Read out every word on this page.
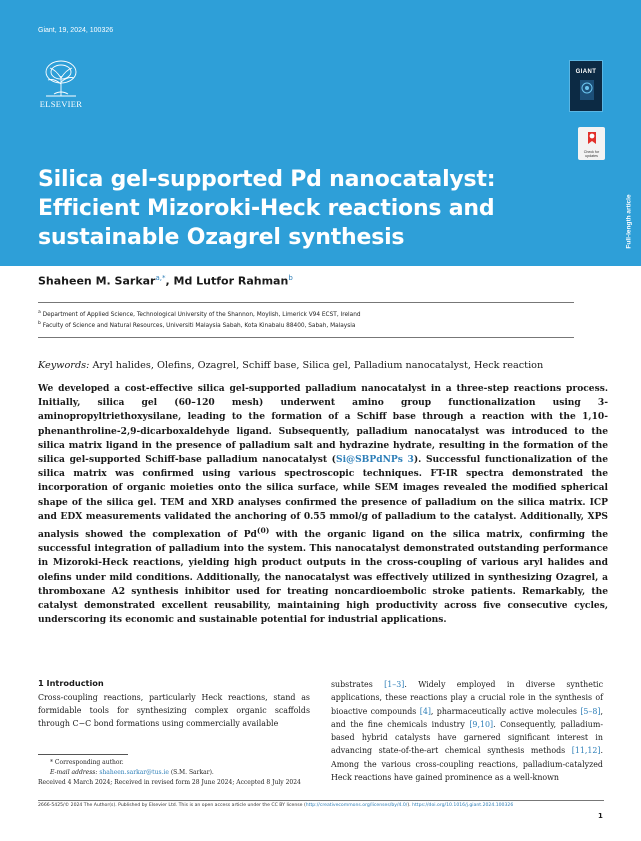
Giant, 19, 2024, 100326
ELSEVIER
GIANT
Check for updates
Full-length article
Silica gel-supported Pd nanocatalyst: Efficient Mizoroki-Heck reactions and sustainable Ozagrel synthesis
Shaheen M. Sarkar$^{a,*}$, Md Lutfor Rahman$^b$
$^a$ Department of Applied Science, Technological University of the Shannon, Moylish, Limerick V94 ECST, Ireland
$^b$ Faculty of Science and Natural Resources, Universiti Malaysia Sabah, Kota Kinabalu 88400, Sabah, Malaysia
Keywords: Aryl halides, Olefins, Ozagrel, Schiff base, Silica gel, Palladium nanocatalyst, Heck reaction

We developed a cost-effective silica gel-supported palladium nanocatalyst in a three-step reactions process. Initially, silica gel (60–120 mesh) underwent amino group functionalization using 3-aminopropyltriethoxysilane, leading to the formation of a Schiff base through a reaction with the 1,10-phenanthroline-2,9-dicarboxaldehyde ligand. Subsequently, palladium nanocatalyst was introduced to the silica matrix ligand in the presence of palladium salt and hydrazine hydrate, resulting in the formation of the silica gel-supported Schiff-base palladium nanocatalyst (Si@SBPdNPs 3). Successful functionalization of the silica matrix was confirmed using various spectroscopic techniques. FT-IR spectra demonstrated the incorporation of organic moieties onto the silica surface, while SEM images revealed the modified spherical shape of the silica gel. TEM and XRD analyses confirmed the presence of palladium on the silica matrix. ICP and EDX measurements validated the anchoring of 0.55 mmol/g of palladium to the catalyst. Additionally, XPS analysis showed the complexation of Pd$^{(0)}$ with the organic ligand on the silica matrix, confirming the successful integration of palladium into the system. This nanocatalyst demonstrated outstanding performance in Mizoroki-Heck reactions, yielding high product outputs in the cross-coupling of various aryl halides and olefins under mild conditions. Additionally, the nanocatalyst was effectively utilized in synthesizing Ozagrel, a thromboxane A2 synthesis inhibitor used for treating noncardioembolic stroke patients. Remarkably, the catalyst demonstrated excellent reusability, maintaining high productivity across five consecutive cycles, underscoring its economic and sustainable potential for industrial applications.

1 Introduction

Cross-coupling reactions, particularly Heck reactions, stand as formidable tools for synthesizing complex organic scaffolds through C−C bond formations using commercially available

substrates [1–3]. Widely employed in diverse synthetic applications, these reactions play a crucial role in the synthesis of bioactive compounds [4], pharmaceutically active molecules [5–8], and the fine chemicals industry [9,10]. Consequently, palladium-based hybrid catalysts have garnered significant interest in advancing state-of-the-art chemical synthesis methods [11,12]. Among the various cross-coupling reactions, palladium-catalyzed Heck reactions have gained prominence as a well-known

* Corresponding author.
E-mail address: shaheen.sarkar@tus.ie (S.M. Sarkar).
Received 4 March 2024; Received in revised form 28 June 2024; Accepted 8 July 2024
2666-5425/© 2024 The Author(s). Published by Elsevier Ltd. This is an open access article under the CC BY license (http://creativecommons.org/licenses/by/4.0/). https://doi.org/10.1016/j.giant.2024.100326
1
